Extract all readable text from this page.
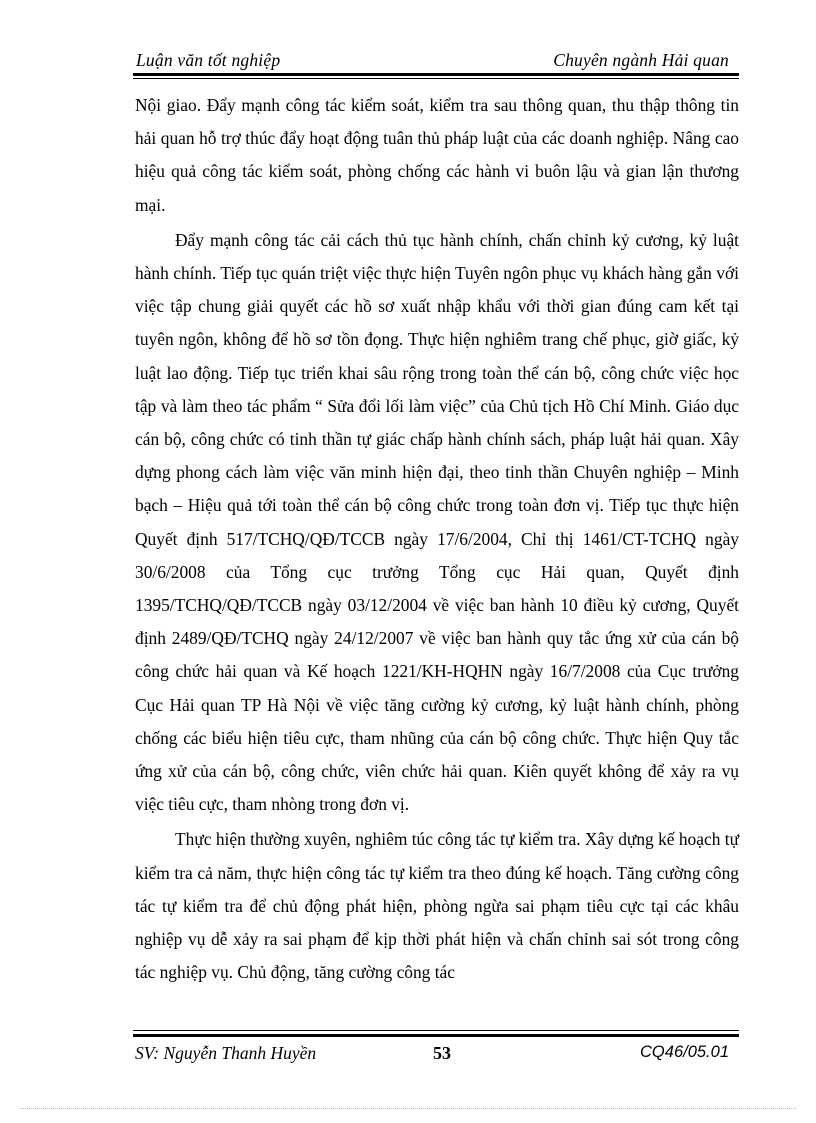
Luận văn tốt nghiệp	Chuyên ngành Hải quan

Nội giao. Đẩy mạnh công tác kiểm soát, kiểm tra sau thông quan, thu thập thông tin hải quan hỗ trợ thúc đẩy hoạt động tuân thủ pháp luật của các doanh nghiệp. Nâng cao hiệu quả công tác kiểm soát, phòng chống các hành vi buôn lậu và gian lận thương mại.

Đẩy mạnh công tác cải cách thủ tục hành chính, chấn chỉnh kỷ cương, kỷ luật hành chính. Tiếp tục quán triệt việc thực hiện Tuyên ngôn phục vụ khách hàng gắn với việc tập chung giải quyết các hồ sơ xuất nhập khẩu với thời gian đúng cam kết tại tuyên ngôn, không để hồ sơ tồn đọng. Thực hiện nghiêm trang chế phục, giờ giấc, kỷ luật lao động. Tiếp tục triển khai sâu rộng trong toàn thể cán bộ, công chức việc học tập và làm theo tác phẩm “ Sửa đổi lối làm việc” của Chủ tịch Hồ Chí Minh. Giáo dục cán bộ, công chức có tinh thần tự giác chấp hành chính sách, pháp luật hải quan. Xây dựng phong cách làm việc văn minh hiện đại, theo tinh thần Chuyên nghiệp – Minh bạch – Hiệu quả tới toàn thể cán bộ công chức trong toàn đơn vị. Tiếp tục thực hiện Quyết định 517/TCHQ/QĐ/TCCB ngày 17/6/2004, Chỉ thị 1461/CT-TCHQ ngày 30/6/2008 của Tổng cục trưởng Tổng cục Hải quan, Quyết định 1395/TCHQ/QĐ/TCCB ngày 03/12/2004 về việc ban hành 10 điều kỷ cương, Quyết định 2489/QĐ/TCHQ ngày 24/12/2007 về việc ban hành quy tắc ứng xử của cán bộ công chức hải quan và Kế hoạch 1221/KH-HQHN ngày 16/7/2008 của Cục trưởng Cục Hải quan TP Hà Nội về việc tăng cường kỷ cương, kỷ luật hành chính, phòng chống các biểu hiện tiêu cực, tham nhũng của cán bộ công chức. Thực hiện Quy tắc ứng xử của cán bộ, công chức, viên chức hải quan. Kiên quyết không để xảy ra vụ việc tiêu cực, tham nhòng trong đơn vị.

Thực hiện thường xuyên, nghiêm túc công tác tự kiểm tra. Xây dựng kế hoạch tự kiểm tra cả năm, thực hiện công tác tự kiểm tra theo đúng kế hoạch. Tăng cường công tác tự kiểm tra để chủ động phát hiện, phòng ngừa sai phạm tiêu cực tại các khâu nghiệp vụ dễ xảy ra sai phạm để kịp thời phát hiện và chấn chỉnh sai sót trong công tác nghiệp vụ. Chủ động, tăng cường công tác

SV: Nguyễn Thanh Huyền	53	CQ46/05.01
